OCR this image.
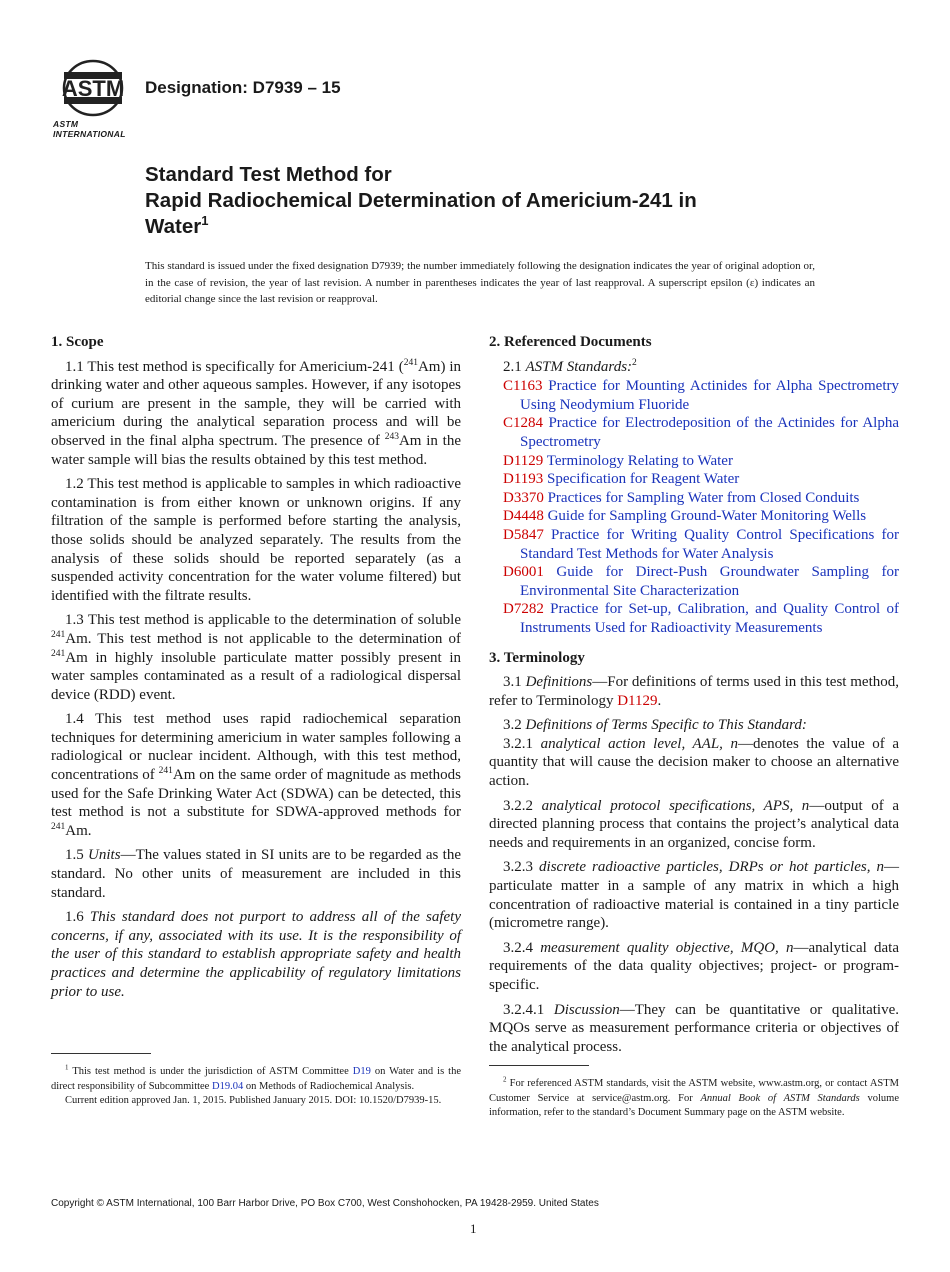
ASTM
ASTM INTERNATIONAL
Designation: D7939 – 15
Standard Test Method for
Rapid Radiochemical Determination of Americium-241 in
Water$^1$
This standard is issued under the fixed designation D7939; the number immediately following the designation indicates the year of original adoption or, in the case of revision, the year of last revision. A number in parentheses indicates the year of last reapproval. A superscript epsilon (ε) indicates an editorial change since the last revision or reapproval.
1. Scope
1.1 This test method is specifically for Americium-241 ($^{241}$Am) in drinking water and other aqueous samples. However, if any isotopes of curium are present in the sample, they will be carried with americium during the analytical separation process and will be observed in the final alpha spectrum. The presence of $^{243}$Am in the water sample will bias the results obtained by this test method.
1.2 This test method is applicable to samples in which radioactive contamination is from either known or unknown origins. If any filtration of the sample is performed before starting the analysis, those solids should be analyzed separately. The results from the analysis of these solids should be reported separately (as a suspended activity concentration for the water volume filtered) but identified with the filtrate results.
1.3 This test method is applicable to the determination of soluble $^{241}$Am. This test method is not applicable to the determination of $^{241}$Am in highly insoluble particulate matter possibly present in water samples contaminated as a result of a radiological dispersal device (RDD) event.
1.4 This test method uses rapid radiochemical separation techniques for determining americium in water samples following a radiological or nuclear incident. Although, with this test method, concentrations of $^{241}$Am on the same order of magnitude as methods used for the Safe Drinking Water Act (SDWA) can be detected, this test method is not a substitute for SDWA-approved methods for $^{241}$Am.
1.5 Units—The values stated in SI units are to be regarded as the standard. No other units of measurement are included in this standard.
1.6 This standard does not purport to address all of the safety concerns, if any, associated with its use. It is the responsibility of the user of this standard to establish appropriate safety and health practices and determine the applicability of regulatory limitations prior to use.
2. Referenced Documents
2.1 ASTM Standards:$^2$
C1163 Practice for Mounting Actinides for Alpha Spectrometry Using Neodymium Fluoride
C1284 Practice for Electrodeposition of the Actinides for Alpha Spectrometry
D1129 Terminology Relating to Water
D1193 Specification for Reagent Water
D3370 Practices for Sampling Water from Closed Conduits
D4448 Guide for Sampling Ground-Water Monitoring Wells
D5847 Practice for Writing Quality Control Specifications for Standard Test Methods for Water Analysis
D6001 Guide for Direct-Push Groundwater Sampling for Environmental Site Characterization
D7282 Practice for Set-up, Calibration, and Quality Control of Instruments Used for Radioactivity Measurements
3. Terminology
3.1 Definitions—For definitions of terms used in this test method, refer to Terminology D1129.
3.2 Definitions of Terms Specific to This Standard:
3.2.1 analytical action level, AAL, n—denotes the value of a quantity that will cause the decision maker to choose an alternative action.
3.2.2 analytical protocol specifications, APS, n—output of a directed planning process that contains the project’s analytical data needs and requirements in an organized, concise form.
3.2.3 discrete radioactive particles, DRPs or hot particles, n—particulate matter in a sample of any matrix in which a high concentration of radioactive material is contained in a tiny particle (micrometre range).
3.2.4 measurement quality objective, MQO, n—analytical data requirements of the data quality objectives; project- or program-specific.
3.2.4.1 Discussion—They can be quantitative or qualitative. MQOs serve as measurement performance criteria or objectives of the analytical process.
$^1$ This test method is under the jurisdiction of ASTM Committee D19 on Water and is the direct responsibility of Subcommittee D19.04 on Methods of Radiochemical Analysis.
Current edition approved Jan. 1, 2015. Published January 2015. DOI: 10.1520/D7939-15.
$^2$ For referenced ASTM standards, visit the ASTM website, www.astm.org, or contact ASTM Customer Service at service@astm.org. For Annual Book of ASTM Standards volume information, refer to the standard’s Document Summary page on the ASTM website.
Copyright © ASTM International, 100 Barr Harbor Drive, PO Box C700, West Conshohocken, PA 19428-2959. United States
1
